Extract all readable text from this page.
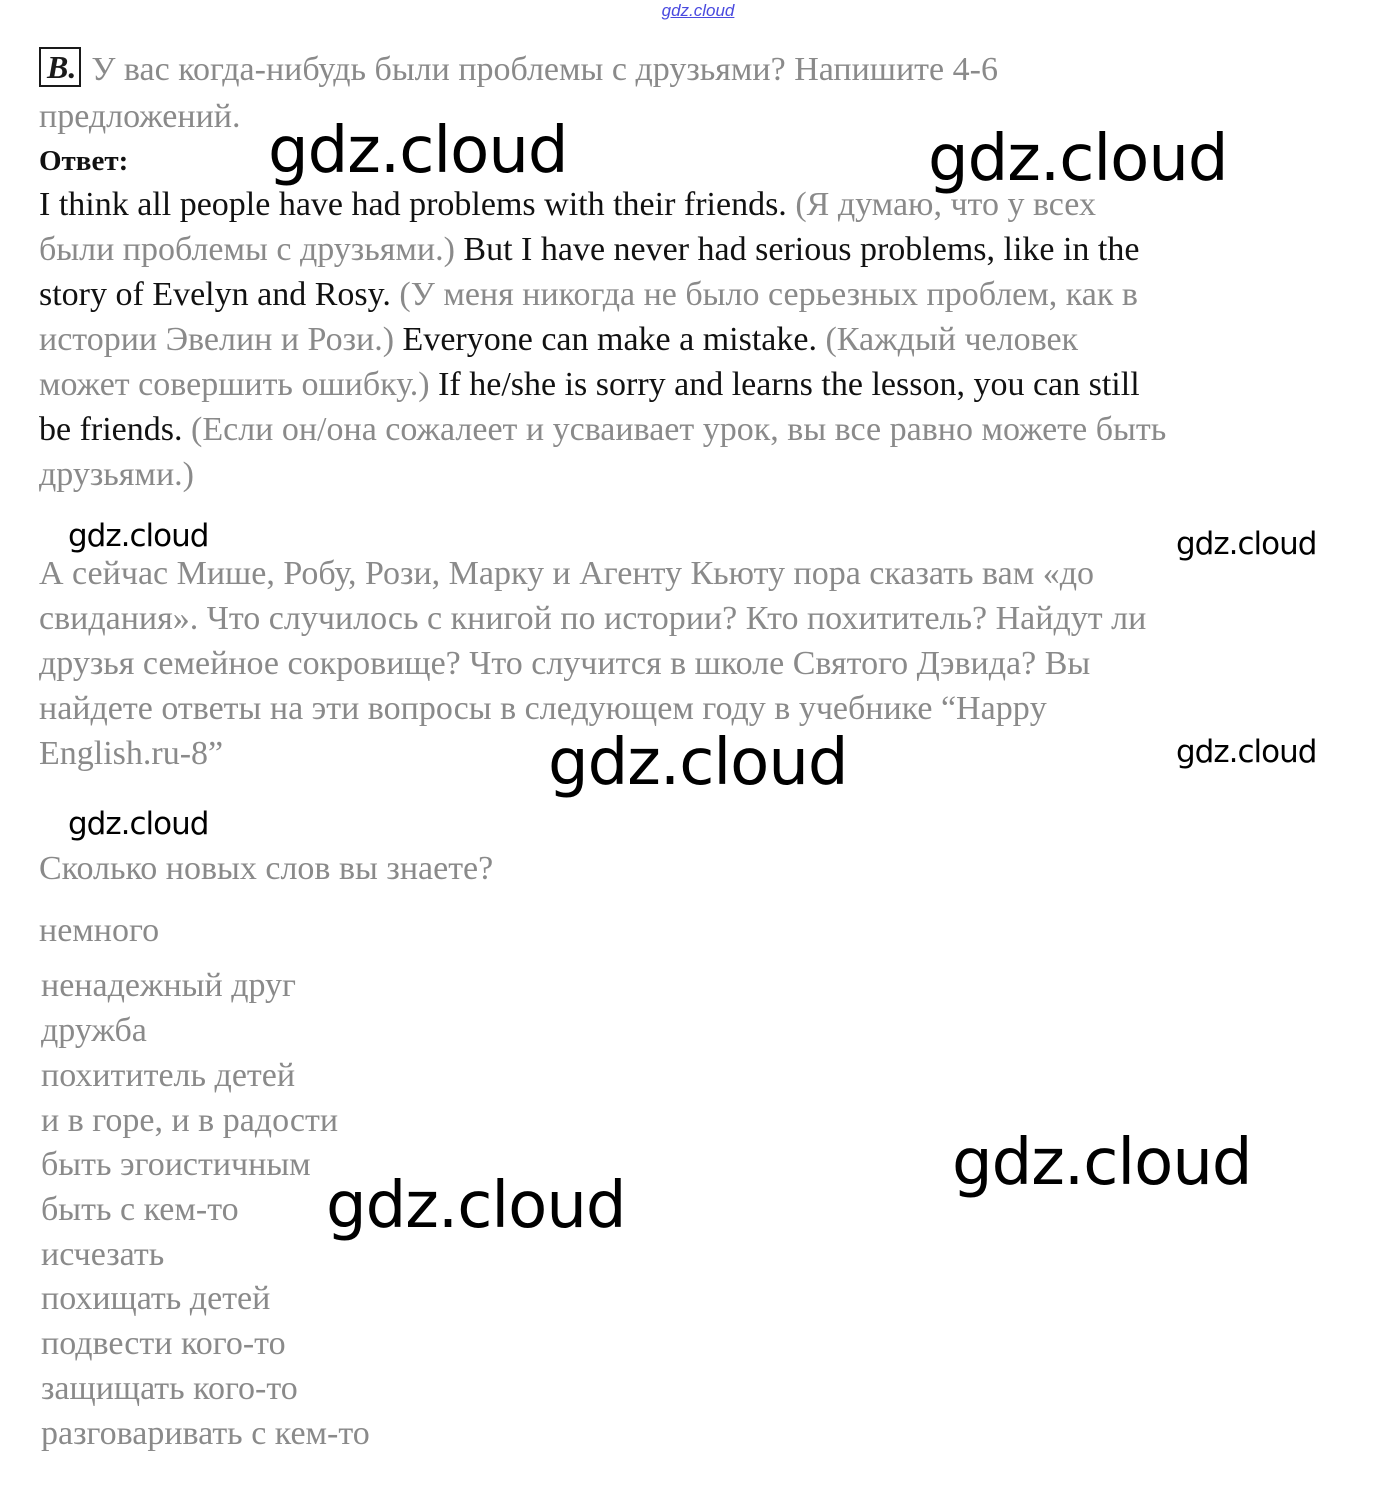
gdz.cloud
B. У вас когда-нибудь были проблемы с друзьями? Напишите 4-6
предложений.
Ответ:
I think all people have had problems with their friends. (Я думаю, что у всех
были проблемы с друзьями.) But I have never had serious problems, like in the
story of Evelyn and Rosy. (У меня никогда не было серьезных проблем, как в
истории Эвелин и Рози.) Everyone can make a mistake. (Каждый человек
может совершить ошибку.) If he/she is sorry and learns the lesson, you can still
be friends. (Если он/она сожалеет и усваивает урок, вы все равно можете быть
друзьями.)
А сейчас Мише, Робу, Рози, Марку и Агенту Кьюту пора сказать вам «до
свидания». Что случилось с книгой по истории? Кто похититель? Найдут ли
друзья семейное сокровище? Что случится в школе Святого Дэвида? Вы
найдете ответы на эти вопросы в следующем году в учебнике “Happy
English.ru-8”
Сколько новых слов вы знаете?
немного
ненадежный друг
дружба
похититель детей
и в горе, и в радости
быть эгоистичным
быть с кем-то
исчезать
похищать детей
подвести кого-то
защищать кого-то
разговаривать с кем-то
gdz.cloud	gdz.cloud
gdz.cloud	gdz.cloud
gdz.cloud	gdz.cloud
gdz.cloud
gdz.cloud
gdz.cloud
